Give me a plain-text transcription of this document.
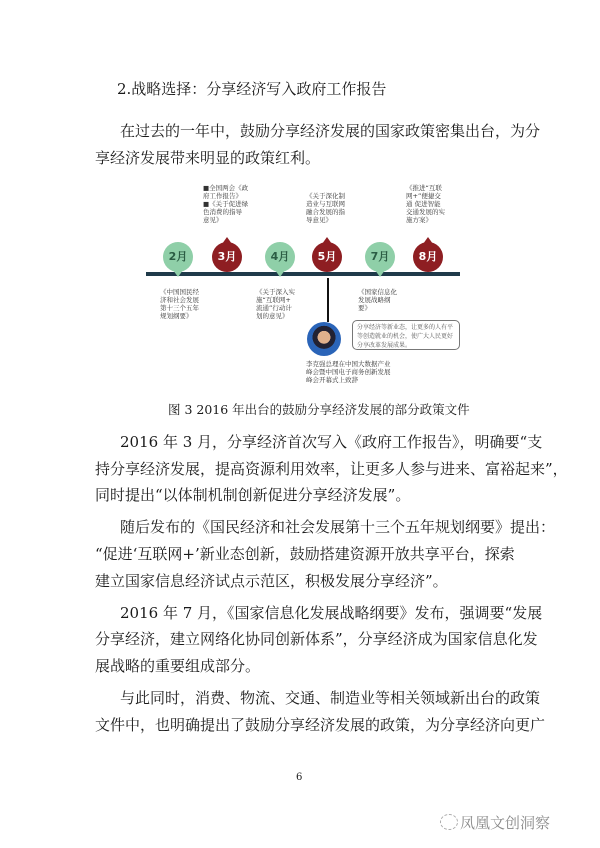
2.战略选择：分享经济写入政府工作报告
在过去的一年中，鼓励分享经济发展的国家政策密集出台，为分
享经济发展带来明显的政策红利。
■全国两会《政
府工作报告》
■《关于促进绿
色消费的指导
意见》
《关于深化制
造业与互联网
融合发展的指
导意见》
《推进“互联
网+”便捷交
通 促进智能
交通发展的实
施方案》
2月	3月	4月	5月	7月	8月
《中国国民经
济和社会发展
第十三个五年
规划纲要》
《关于深入实
施“互联网+
流通”行动计
划的意见》
《国家信息化
发展战略纲
要》
分享经济等新业态，让更多的人有平等创造就业的机会，使广大人民更好分享改革发展成果。
李克强总理在中国大数据产业
峰会暨中国电子商务创新发展
峰会开幕式上致辞
图 3 2016 年出台的鼓励分享经济发展的部分政策文件
2016 年 3 月，分享经济首次写入《政府工作报告》，明确要“支
持分享经济发展，提高资源利用效率，让更多人参与进来、富裕起来”，
同时提出“以体制机制创新促进分享经济发展”。
随后发布的《国民经济和社会发展第十三个五年规划纲要》提出：
“促进‘互联网+’新业态创新，鼓励搭建资源开放共享平台，探索
建立国家信息经济试点示范区，积极发展分享经济”。
2016 年 7 月，《国家信息化发展战略纲要》发布，强调要“发展
分享经济，建立网络化协同创新体系”，分享经济成为国家信息化发
展战略的重要组成部分。
与此同时，消费、物流、交通、制造业等相关领域新出台的政策
文件中，也明确提出了鼓励分享经济发展的政策，为分享经济向更广
6
凤凰文创洞察
